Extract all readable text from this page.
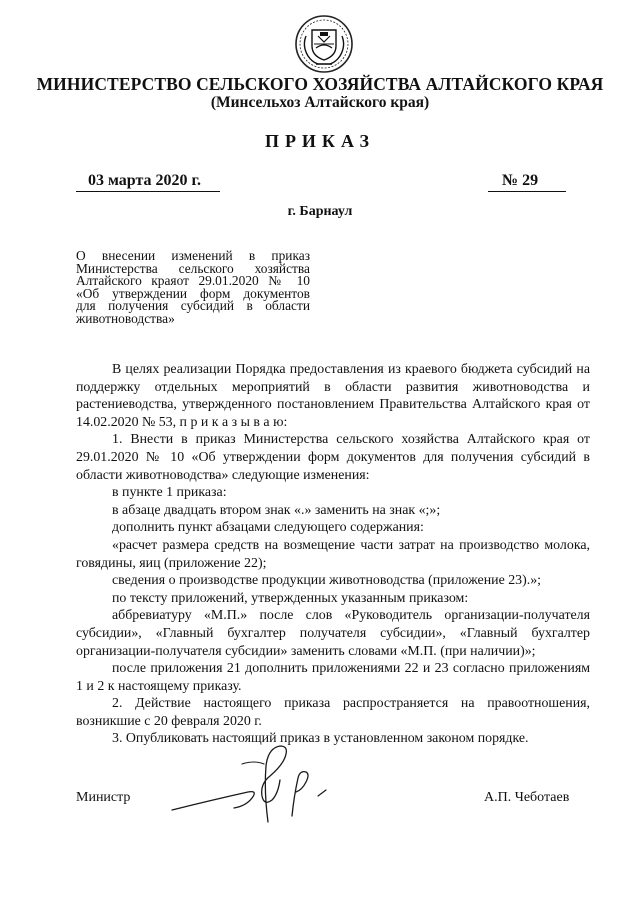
МИНИСТЕРСТВО СЕЛЬСКОГО ХОЗЯЙСТВА АЛТАЙСКОГО КРАЯ
(Минсельхоз Алтайского края)
ПРИКАЗ
03 марта 2020 г.	№ 29
г. Барнаул
О внесении изменений в приказ
Министерства сельского хозяйства
Алтайского краяот 29.01.2020 № 10
«Об утверждении форм документов
для получения субсидий в области
животноводства»

В целях реализации Порядка предоставления из краевого бюджета субсидий на поддержку отдельных мероприятий в области развития животноводства и растениеводства, утвержденного постановлением Правительства Алтайского края от 14.02.2020 № 53, п р и к а з ы в а ю:

1. Внести в приказ Министерства сельского хозяйства Алтайского края от 29.01.2020 № 10 «Об утверждении форм документов для получения субсидий в области животноводства» следующие изменения:

в пункте 1 приказа:

в абзаце двадцать втором знак «.» заменить на знак «;»;

дополнить пункт абзацами следующего содержания:

«расчет размера средств на возмещение части затрат на производство молока, говядины, яиц (приложение 22);

сведения о производстве продукции животноводства (приложение 23).»;

по тексту приложений, утвержденных указанным приказом:

аббревиатуру «М.П.» после слов «Руководитель организации-получателя субсидии», «Главный бухгалтер получателя субсидии», «Главный бухгалтер организации-получателя субсидии» заменить словами «М.П. (при наличии)»;

после приложения 21 дополнить приложениями 22 и 23 согласно приложениям 1 и 2 к настоящему приказу.

2. Действие настоящего приказа распространяется на правоотношения, возникшие с 20 февраля 2020 г.

3. Опубликовать настоящий приказ в установленном законом порядке.

Министр	А.П. Чеботаев
